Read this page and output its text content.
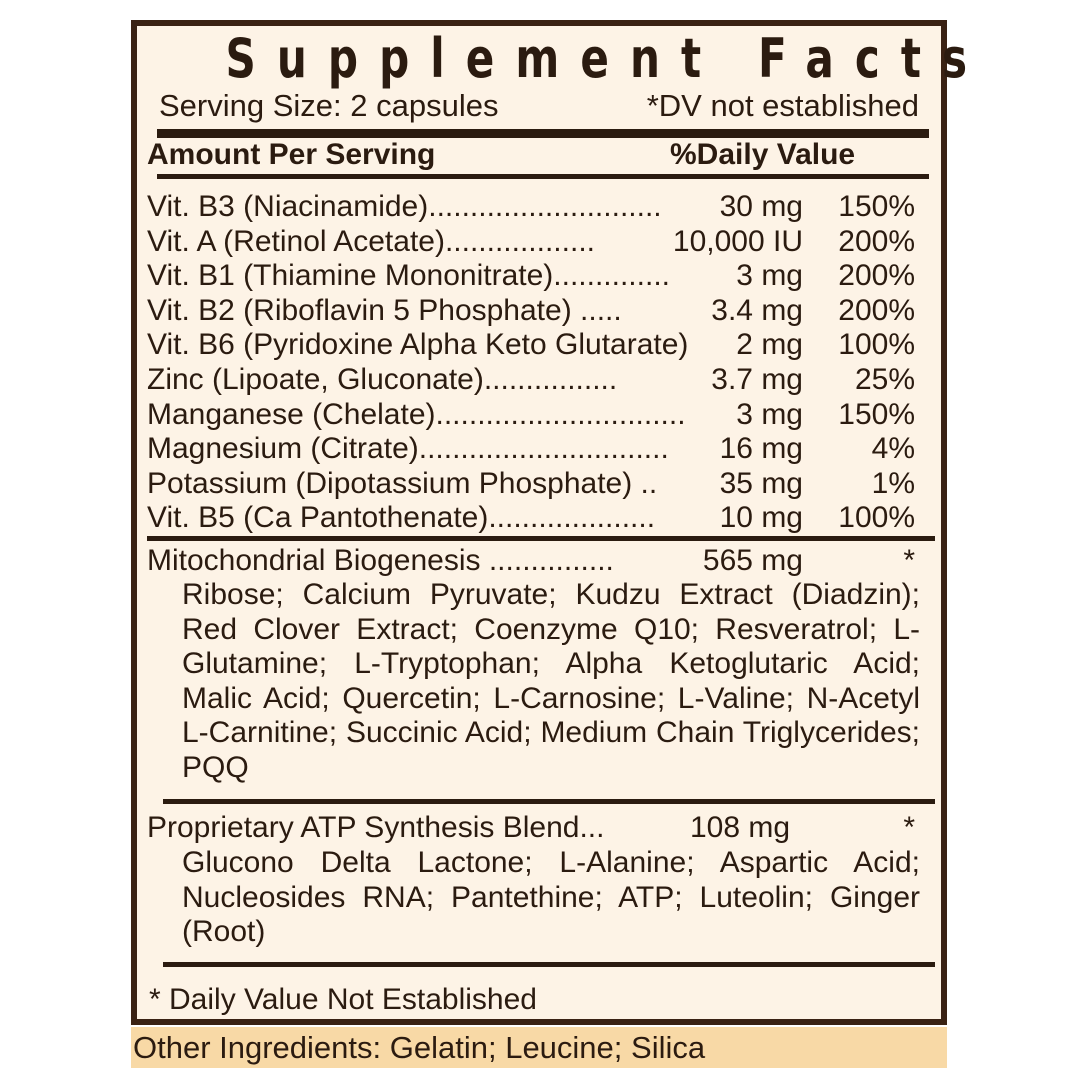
Supplement Facts
Serving Size: 2 capsules	*DV not established
Amount Per Serving	%Daily Value
Mitochondrial Biogenesis ...............	565 mg	*
Ribose; Calcium Pyruvate; Kudzu Extract (Diadzin); Red Clover Extract; Coenzyme Q10; Resveratrol; L-Glutamine; L-Tryptophan; Alpha Ketoglutaric Acid; Malic Acid; Quercetin; L-Carnosine; L-Valine; N-Acetyl L-Carnitine; Succinic Acid; Medium Chain Triglycerides; PQQ
Proprietary ATP Synthesis Blend...	108 mg	*
Glucono Delta Lactone; L-Alanine; Aspartic Acid; Nucleosides RNA; Pantethine; ATP; Luteolin; Ginger (Root)
* Daily Value Not Established
Vit. B3 (Niacinamide)............................ 30 mg 150%
Vit. A (Retinol Acetate)..................	10,000 IU 200%
Vit. B1 (Thiamine Mononitrate).............. 3 mg 200%
Vit. B2 (Riboflavin 5 Phosphate) .....	3.4 mg 200%
Vit. B6 (Pyridoxine Alpha Keto Glutarate) 2 mg 100%
Zinc (Lipoate, Gluconate)................	3.7 mg 25%
Manganese (Chelate).............................. 3 mg 150%
Magnesium (Citrate).............................. 16 mg 4%
Potassium (Dipotassium Phosphate) .. 35 mg 1%
Vit. B5 (Ca Pantothenate).................... 10 mg 100%
Other Ingredients: Gelatin; Leucine; Silica
